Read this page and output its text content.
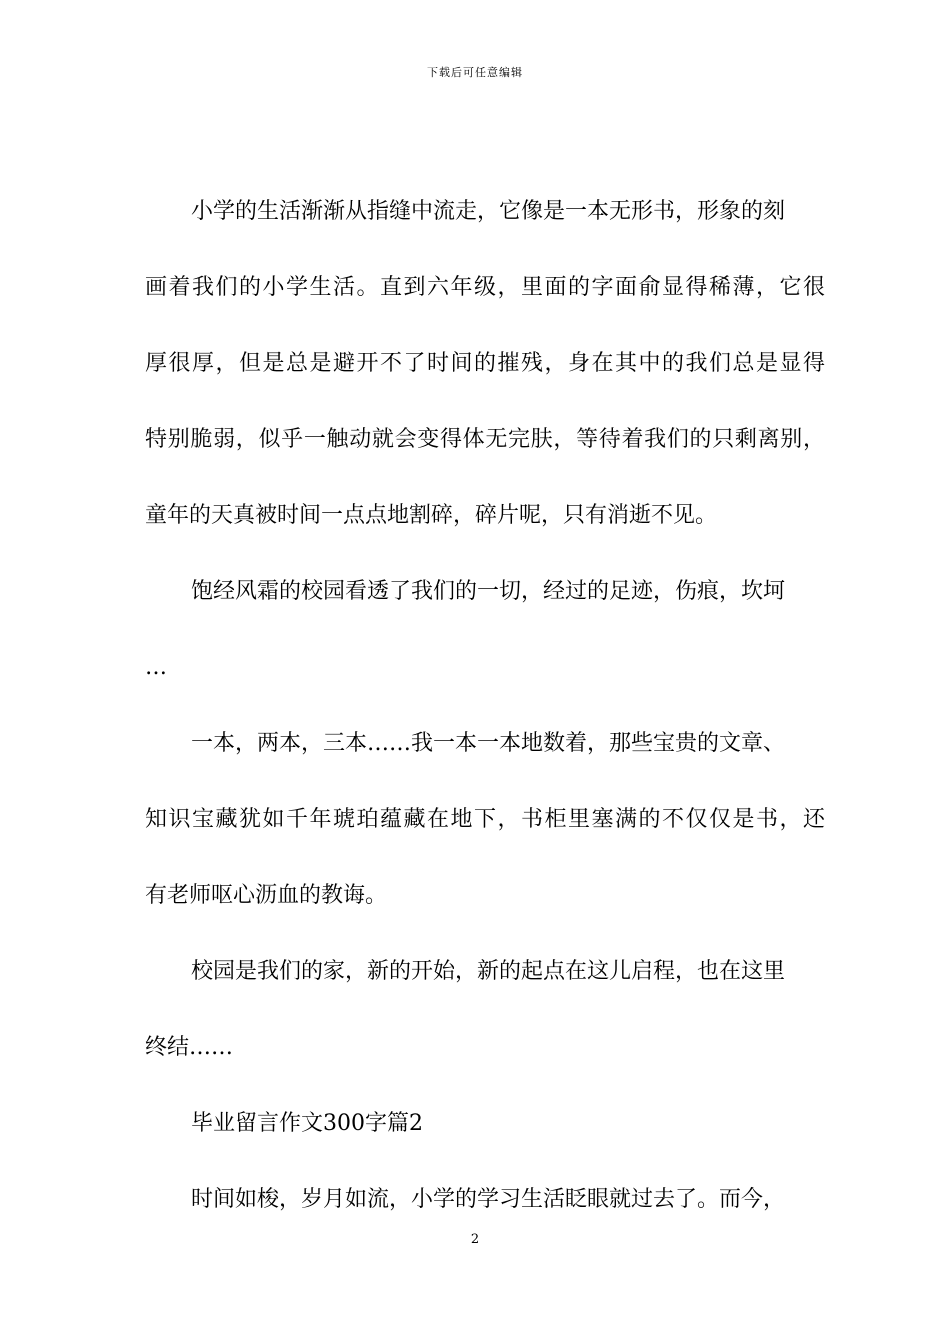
下载后可任意编辑
小学的生活渐渐从指缝中流走，它像是一本无形书，形象的刻
画着我们的小学生活。直到六年级，里面的字面俞显得稀薄，它很
厚很厚，但是总是避开不了时间的摧残，身在其中的我们总是显得
特别脆弱，似乎一触动就会变得体无完肤，等待着我们的只剩离别，
童年的天真被时间一点点地割碎，碎片呢，只有消逝不见。
饱经风霜的校园看透了我们的一切，经过的足迹，伤痕，坎坷
…
一本，两本，三本……我一本一本地数着，那些宝贵的文章、
知识宝藏犹如千年琥珀蕴藏在地下，书柜里塞满的不仅仅是书，还
有老师呕心沥血的教诲。
校园是我们的家，新的开始，新的起点在这儿启程，也在这里
终结……
毕业留言作文300字篇2
时间如梭，岁月如流，小学的学习生活眨眼就过去了。而今，
2
